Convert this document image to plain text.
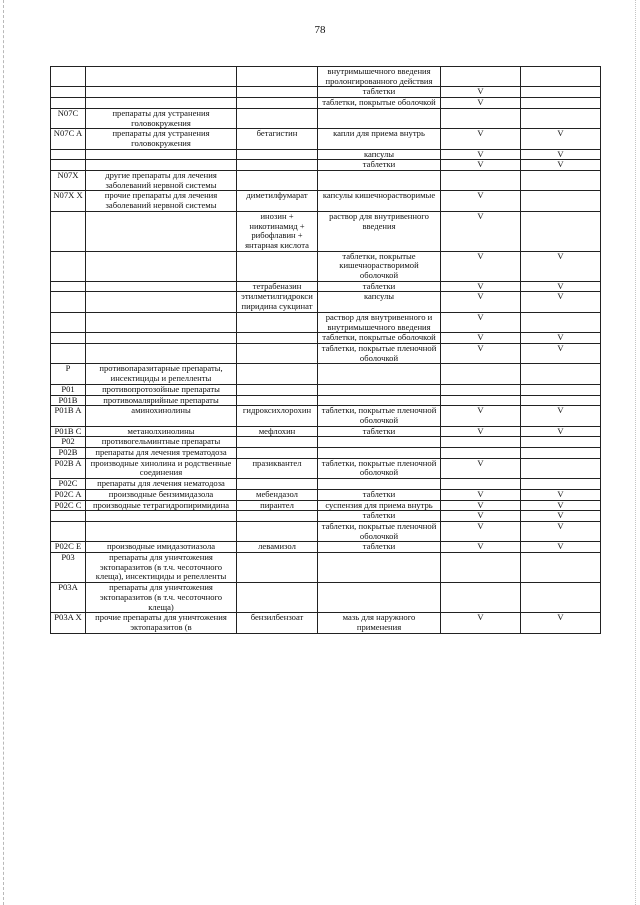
78
			внутримышечного введения пролонгированного действия		
			таблетки	V	
			таблетки, покрытые оболочкой	V	
N07C	препараты для устранения головокружения				
N07C A	препараты для устранения головокружения	бетагистин	капли для приема внутрь	V	V
			капсулы	V	V
			таблетки	V	V
N07X	другие препараты для лечения заболеваний нервной системы				
N07X X	прочие препараты для лечения заболеваний нервной системы	диметилфумарат	капсулы кишечнорастворимые	V	
		инозин + никотинамид + рибофлавин + янтарная кислота	раствор для внутривенного введения	V	
			таблетки, покрытые кишечнорастворимой оболочкой	V	V
		тетрабеназин	таблетки	V	V
		этилметилгидроксипиридина сукцинат	капсулы	V	V
			раствор для внутривенного и внутримышечного введения	V	
			таблетки, покрытые оболочкой	V	V
			таблетки, покрытые пленочной оболочкой	V	V
P	противопаразитарные препараты, инсектициды и репелленты				
P01	противопротозойные препараты				
P01B	противомалярийные препараты				
P01B A	аминохинолины	гидроксихлорохин	таблетки, покрытые пленочной оболочкой	V	V
P01B C	метанолхинолины	мефлохин	таблетки	V	V
P02	противогельминтные препараты				
P02B	препараты для лечения трематодоза				
P02B A	производные хинолина и родственные соединения	празиквантел	таблетки, покрытые пленочной оболочкой	V	
P02C	препараты для лечения нематодоза				
P02C A	производные бензимидазола	мебендазол	таблетки	V	V
P02C C	производные тетрагидропиримидина	пирантел	суспензия для приема внутрь	V	V
			таблетки	V	V
			таблетки, покрытые пленочной оболочкой	V	V
P02C E	производные имидазотиазола	левамизол	таблетки	V	V
P03	препараты для уничтожения эктопаразитов (в т.ч. чесоточного клеща), инсектициды и репелленты				
P03A	препараты для уничтожения эктопаразитов (в т.ч. чесоточного клеща)				
P03A X	прочие препараты для уничтожения эктопаразитов (в	бензилбензоат	мазь для наружного применения	V	V
